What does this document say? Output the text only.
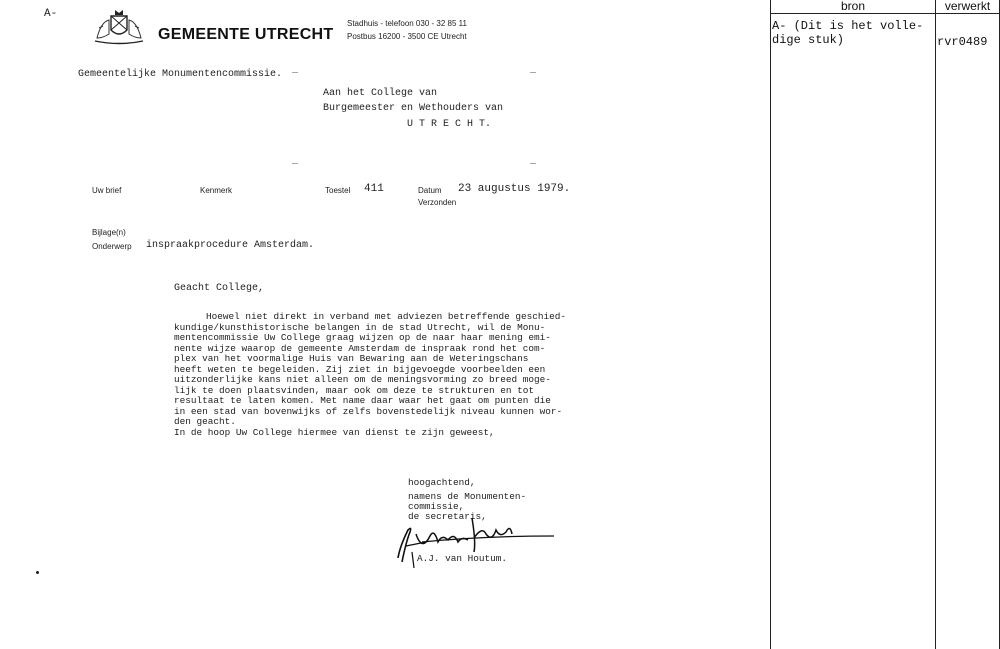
A-
GEMEENTE UTRECHT
Stadhuis - telefoon 030 - 32 85 11
Postbus 16200 - 3500 CE Utrecht
Gemeentelijke Monumentencommissie. _	_
_	_
Aan het College van
Burgemeester en Wethouders van
U T R E C H T.
Uw brief	Kenmerk	Toestel 411	Datum 23 augustus 1979.
Verzonden
Bijlage(n)
Onderwerp inspraakprocedure Amsterdam.
Geacht College,
Hoewel niet direkt in verband met adviezen betreffende geschied-
kundige/kunsthistorische belangen in de stad Utrecht, wil de Monu-
mentencommissie Uw College graag wijzen op de naar haar mening emi-
nente wijze waarop de gemeente Amsterdam de inspraak rond het com-
plex van het voormalige Huis van Bewaring aan de Weteringschans
heeft weten te begeleiden. Zij ziet in bijgevoegde voorbeelden een
uitzonderlijke kans niet alleen om de meningsvorming zo breed moge-
lijk te doen plaatsvinden, maar ook om deze te strukturen en tot
resultaat te laten komen. Met name daar waar het gaat om punten die
in een stad van bovenwijks of zelfs bovenstedelijk niveau kunnen wor-
den geacht.
In de hoop Uw College hiermee van dienst te zijn geweest,
hoogachtend,
namens de Monumenten-
commissie,
de secretaris,
A.J. van Houtum.
bron	verwerkt
A- (Dit is het volle-
dige stuk)	rvr0489
